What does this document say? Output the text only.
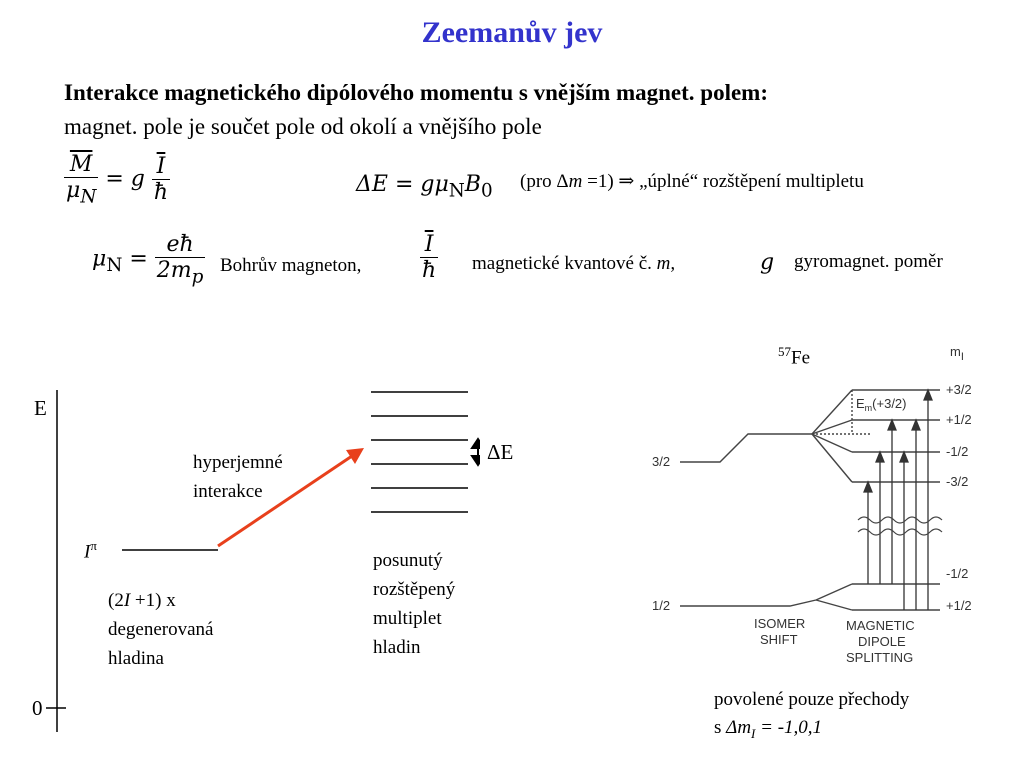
Zeemanův jev
Interakce magnetického dipólového momentu s vnějším magnet. polem:
magnet. pole je součet pole od okolí a vnějšího pole
$\frac{\overline{M}}{\mu_N} = g \frac{\overline{I}}{ħ}$	$\Delta E = g\mu_NB_0$ (pro Δm =1) ⇒ „úplné“ rozštěpení multipletu
$\mu_N = \frac{eħ}{2m_p}$ Bohrův magneton,	$\frac{\overline{I}}{ħ}$ magnetické kvantové č. m,	g gyromagnet. poměr
E
0
$I^\pi$
(2I +1) x
degenerovaná
hladina
hyperjemné
interakce
ΔE
posunutý
rozštěpený
multiplet
hladin
$^{57}$Fe	$m_I$
3/2
1/2
+3/2
+1/2
-1/2
-3/2
-1/2
+1/2
$E_m(+3/2)$
ISOMER
SHIFT
MAGNETIC
DIPOLE
SPLITTING
povolené pouze přechody
s $\Delta m_I = -1,0,1$
